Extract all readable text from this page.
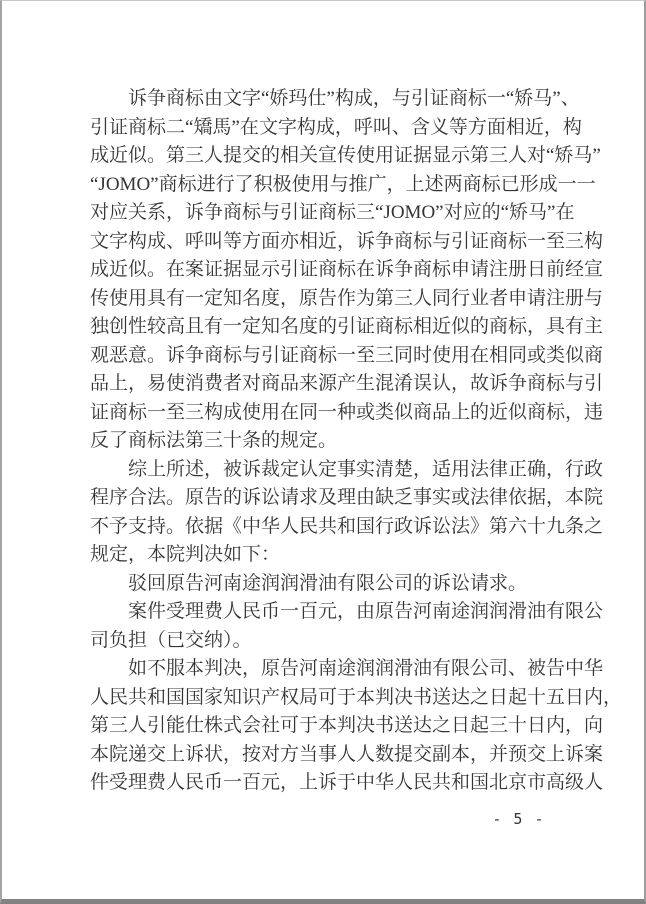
诉争商标由文字“娇玛仕”构成，与引证商标一“矫马”、
引证商标二“矯馬”在文字构成，呼叫、含义等方面相近，构
成近似。第三人提交的相关宣传使用证据显示第三人对“矫马”
“JOMO”商标进行了积极使用与推广，上述两商标已形成一一
对应关系，诉争商标与引证商标三“JOMO”对应的“矫马”在
文字构成、呼叫等方面亦相近，诉争商标与引证商标一至三构
成近似。在案证据显示引证商标在诉争商标申请注册日前经宣
传使用具有一定知名度，原告作为第三人同行业者申请注册与
独创性较高且有一定知名度的引证商标相近似的商标，具有主
观恶意。诉争商标与引证商标一至三同时使用在相同或类似商
品上，易使消费者对商品来源产生混淆误认，故诉争商标与引
证商标一至三构成使用在同一种或类似商品上的近似商标，违
反了商标法第三十条的规定。
综上所述，被诉裁定认定事实清楚，适用法律正确，行政
程序合法。原告的诉讼请求及理由缺乏事实或法律依据，本院
不予支持。依据《中华人民共和国行政诉讼法》第六十九条之
规定，本院判决如下：
驳回原告河南途润润滑油有限公司的诉讼请求。
案件受理费人民币一百元，由原告河南途润润滑油有限公
司负担（已交纳）。
如不服本判决，原告河南途润润滑油有限公司、被告中华
人民共和国国家知识产权局可于本判决书送达之日起十五日内，
第三人引能仕株式会社可于本判决书送达之日起三十日内，向
本院递交上诉状，按对方当事人人数提交副本，并预交上诉案
件受理费人民币一百元，上诉于中华人民共和国北京市高级人
- 5 -
